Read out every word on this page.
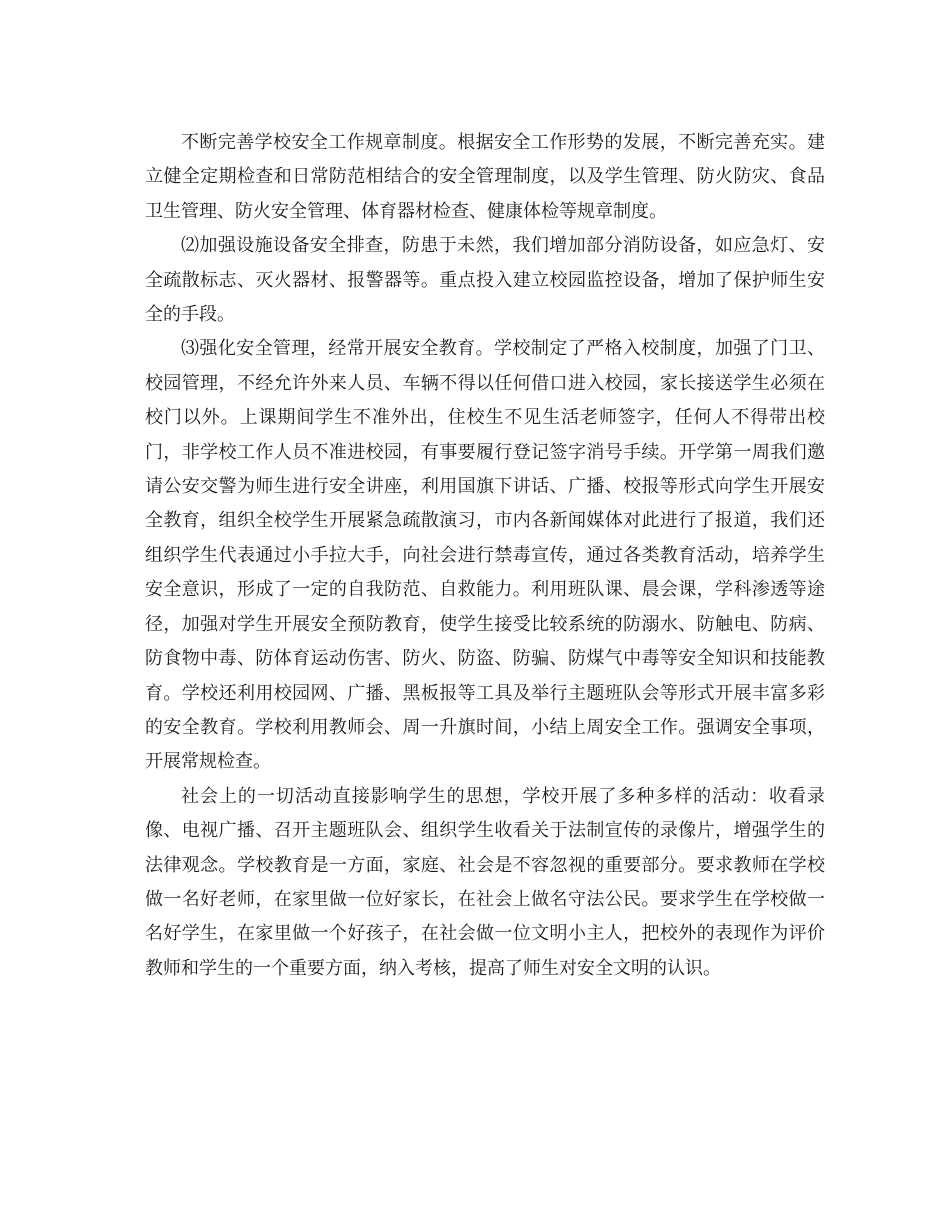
不断完善学校安全工作规章制度。根据安全工作形势的发展，不断完善充实。建立健全定期检查和日常防范相结合的安全管理制度，以及学生管理、防火防灾、食品卫生管理、防火安全管理、体育器材检查、健康体检等规章制度。

⑵加强设施设备安全排查，防患于未然，我们增加部分消防设备，如应急灯、安全疏散标志、灭火器材、报警器等。重点投入建立校园监控设备，增加了保护师生安全的手段。

⑶强化安全管理，经常开展安全教育。学校制定了严格入校制度，加强了门卫、校园管理，不经允许外来人员、车辆不得以任何借口进入校园，家长接送学生必须在校门以外。上课期间学生不准外出，住校生不见生活老师签字，任何人不得带出校门，非学校工作人员不准进校园，有事要履行登记签字消号手续。开学第一周我们邀请公安交警为师生进行安全讲座，利用国旗下讲话、广播、校报等形式向学生开展安全教育，组织全校学生开展紧急疏散演习，市内各新闻媒体对此进行了报道，我们还组织学生代表通过小手拉大手，向社会进行禁毒宣传，通过各类教育活动，培养学生安全意识，形成了一定的自我防范、自救能力。利用班队课、晨会课，学科渗透等途径，加强对学生开展安全预防教育，使学生接受比较系统的防溺水、防触电、防病、防食物中毒、防体育运动伤害、防火、防盗、防骗、防煤气中毒等安全知识和技能教育。学校还利用校园网、广播、黑板报等工具及举行主题班队会等形式开展丰富多彩的安全教育。学校利用教师会、周一升旗时间，小结上周安全工作。强调安全事项，开展常规检查。

社会上的一切活动直接影响学生的思想，学校开展了多种多样的活动：收看录像、电视广播、召开主题班队会、组织学生收看关于法制宣传的录像片，增强学生的法律观念。学校教育是一方面，家庭、社会是不容忽视的重要部分。要求教师在学校做一名好老师，在家里做一位好家长，在社会上做名守法公民。要求学生在学校做一名好学生，在家里做一个好孩子，在社会做一位文明小主人，把校外的表现作为评价教师和学生的一个重要方面，纳入考核，提高了师生对安全文明的认识。
